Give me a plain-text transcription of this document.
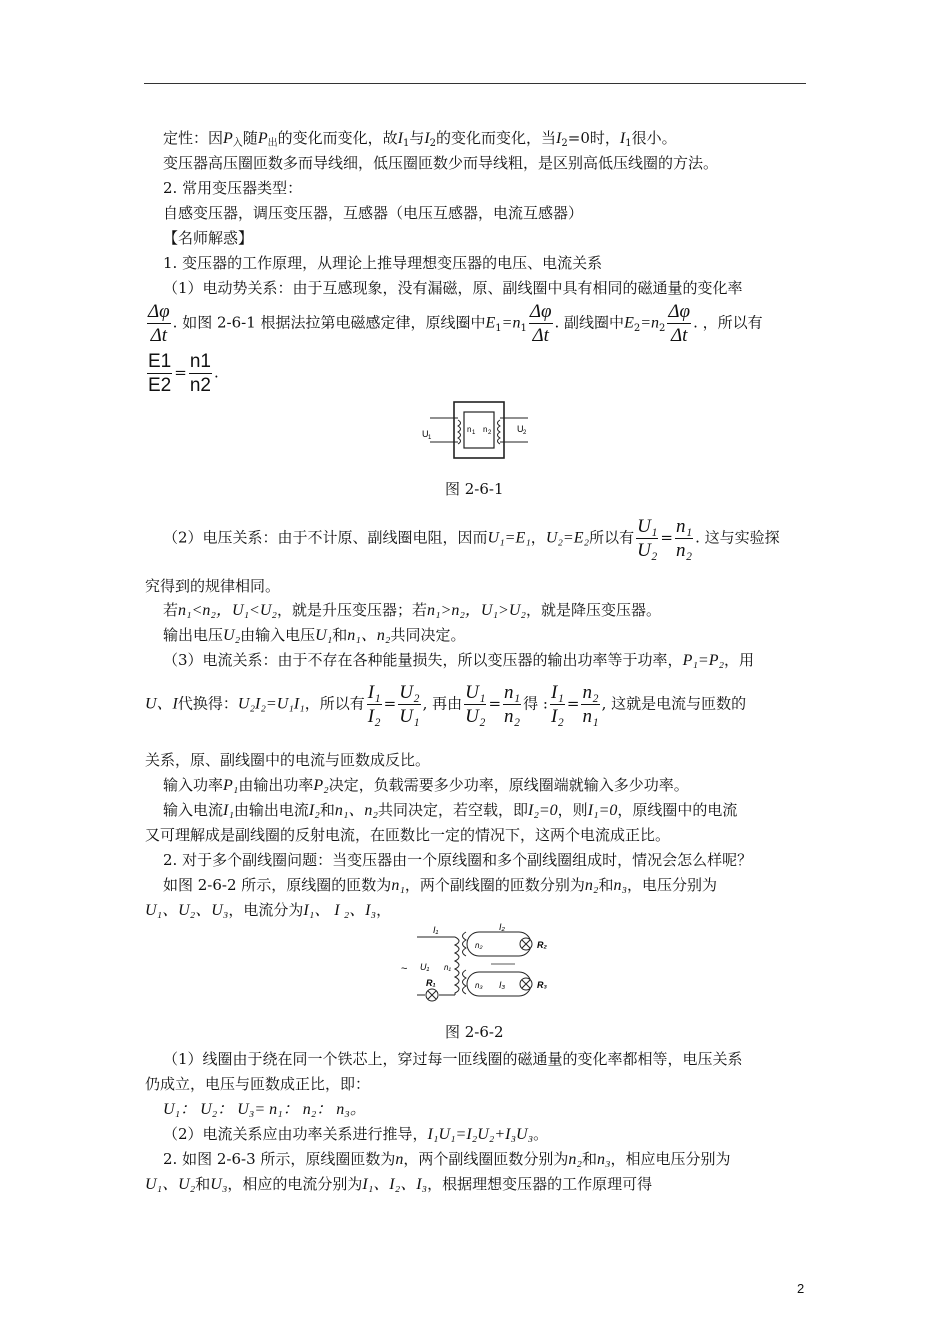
定性：因$P_入$随$P_出$的变化而变化，故$I_1$与$I_2$的变化而变化，当$I_2=0$时，$I_1$很小。
变压器高压圈匝数多而导线细，低压圈匝数少而导线粗，是区别高低压线圈的方法。
2. 常用变压器类型：
自感变压器，调压变压器，互感器（电压互感器，电流互感器）
【名师解惑】
1. 变压器的工作原理，从理论上推导理想变压器的电压、电流关系
（1）电动势关系：由于互感现象，没有漏磁，原、副线圈中具有相同的磁通量的变化率
$\frac{\Delta\varphi}{\Delta t}$ . 如图 2-6-1 根据法拉第电磁感定律，原线圈中$E_1=n_1 \frac{\Delta\varphi}{\Delta t}$ . 副线圈中$E_2=n_2 \frac{\Delta\varphi}{\Delta t}$ . ，所以有
$\frac{E1}{E2} = \frac{n1}{n2}$ .
U 1
U 2
n 1 n 2
图 2-6-1
（2）电压关系：由于不计原、副线圈电阻，因而U₁=E₁，U₂=E₂所以有 $\frac{\text{U₁}}{\text{U₂}} = \frac{\text{n₁}}{\text{n₂}}$ . 这与实验探
究得到的规律相同。
若n₁<n₂，U₁<U₂，就是升压变压器；若n₁>n₂，U₁>U₂，就是降压变压器。
输出电压U₂由输入电压U₁和n₁、n₂共同决定。
（3）电流关系：由于不存在各种能量损失，所以变压器的输出功率等于功率，P₁=P₂，用
U、I代换得：U₂I₂=U₁I₁，所以有 $\frac{\text{I₁}}{\text{I₂}} = \frac{\text{U₂}}{\text{U₁}}$ , 再由 $\frac{\text{U₁}}{\text{U₂}} = \frac{\text{n₁}}{\text{n₂}}$ 得 : $\frac{\text{I₁}}{\text{I₂}} = \frac{\text{n₂}}{\text{n₁}}$ , 这就是电流与匝数的
关系，原、副线圈中的电流与匝数成反比。
输入功率P₁由输出功率P₂决定，负载需要多少功率，原线圈端就输入多少功率。
输入电流I₁由输出电流I₂和n₁、n₂共同决定，若空载，即I₂=0，则I₁=0，原线圈中的电流
又可理解成是副线圈的反射电流，在匝数比一定的情况下，这两个电流成正比。
2. 对于多个副线圈问题：当变压器由一个原线圈和多个副线圈组成时，情况会怎么样呢？
如图 2-6-2 所示，原线圈的匝数为n₁，两个副线圈的匝数分别为n₂和n₃，电压分别为
U₁、U₂、U₃，电流分为I₁、 I ₂、I₃，
I₁	I₂
I₃
n₂
n₃
n₁
U₁
~
R₁
R₂
R₃
图 2-6-2
（1）线圈由于绕在同一个铁芯上，穿过每一匝线圈的磁通量的变化率都相等，电压关系
仍成立，电压与匝数成正比，即：
U₁： U₂： U₃= n₁： n₂： n₃。
（2）电流关系应由功率关系进行推导，I₁U₁=I₂U₂+I₃U₃。
2. 如图 2-6-3 所示，原线圈匝数为n，两个副线圈匝数分别为n₂和n₃，相应电压分别为
U₁、U₂和U₃，相应的电流分别为I₁、I₂、I₃，根据理想变压器的工作原理可得
2
